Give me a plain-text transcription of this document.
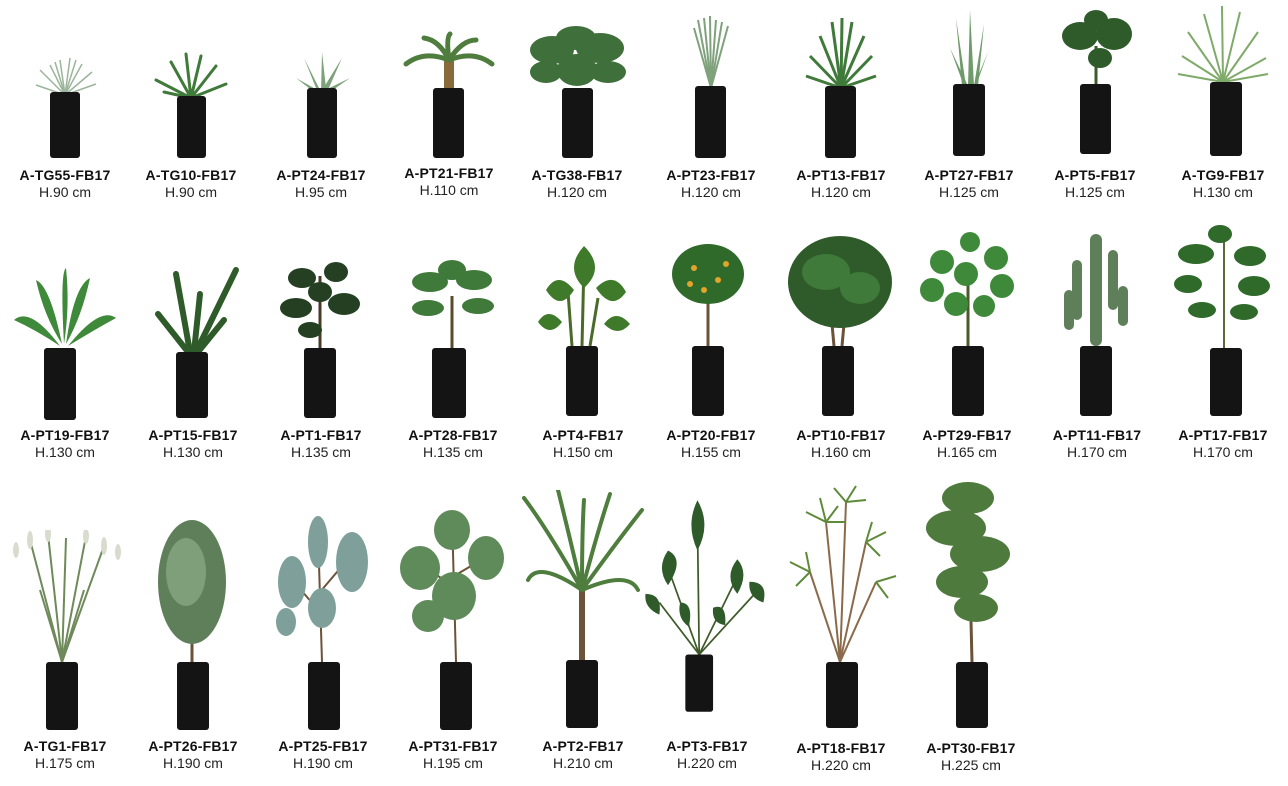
A-TG55-FB17
H.90 cm
A-TG10-FB17
H.90 cm
A-PT24-FB17
H.95 cm
A-PT21-FB17
H.110 cm
A-TG38-FB17
H.120 cm
A-PT23-FB17
H.120 cm
A-PT13-FB17
H.120 cm
A-PT27-FB17
H.125 cm
A-PT5-FB17
H.125 cm
A-TG9-FB17
H.130 cm
A-PT19-FB17
H.130 cm
A-PT15-FB17
H.130 cm
A-PT1-FB17
H.135 cm
A-PT28-FB17
H.135 cm
A-PT4-FB17
H.150 cm
A-PT20-FB17
H.155 cm
A-PT10-FB17
H.160 cm
A-PT29-FB17
H.165 cm
A-PT11-FB17
H.170 cm
A-PT17-FB17
H.170 cm
A-TG1-FB17
H.175 cm
A-PT26-FB17
H.190 cm
A-PT25-FB17
H.190 cm
A-PT31-FB17
H.195 cm
A-PT2-FB17
H.210 cm
A-PT3-FB17
H.220 cm
A-PT18-FB17
H.220 cm
A-PT30-FB17
H.225 cm
